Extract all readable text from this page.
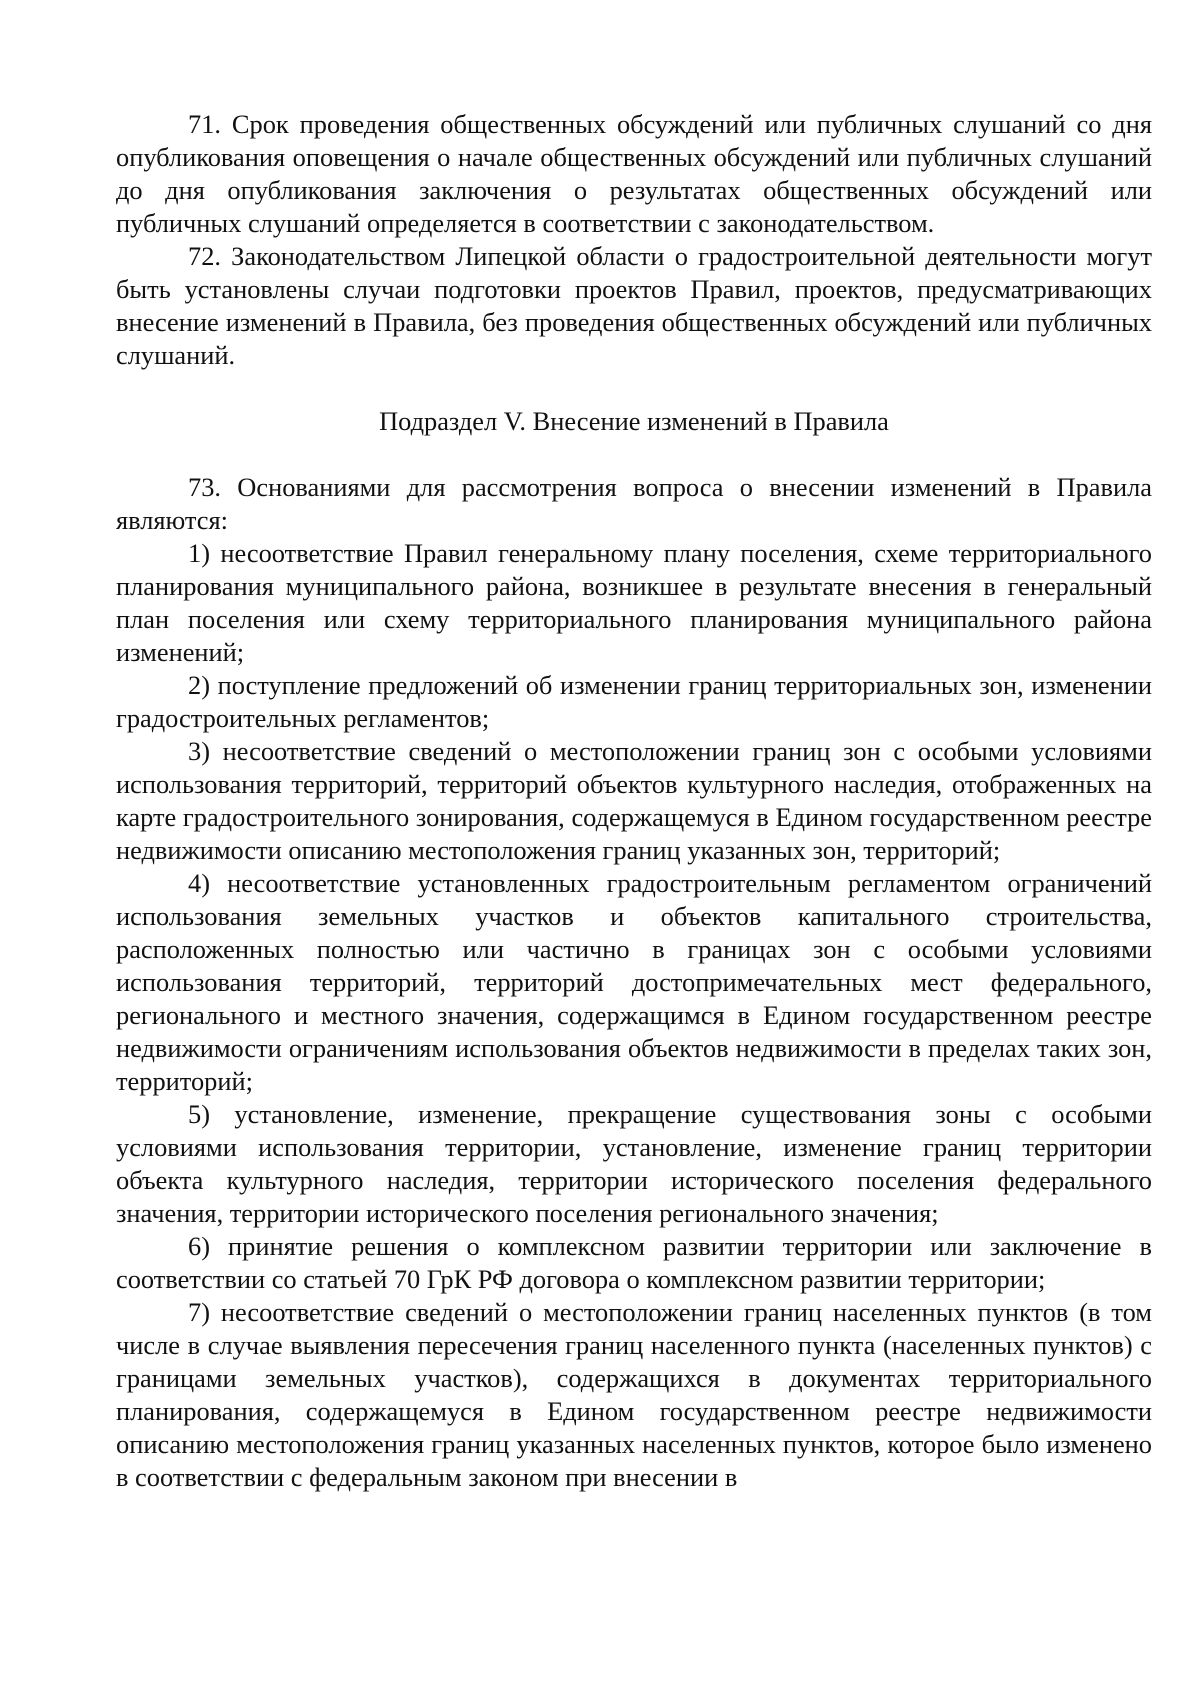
71. Срок проведения общественных обсуждений или публичных слушаний со дня опубликования оповещения о начале общественных обсуждений или публичных слушаний до дня опубликования заключения о результатах общественных обсуждений или публичных слушаний определяется в соответствии с законодательством.

72. Законодательством Липецкой области о градостроительной деятельности могут быть установлены случаи подготовки проектов Правил, проектов, предусматривающих внесение изменений в Правила, без проведения общественных обсуждений или публичных слушаний.

Подраздел V. Внесение изменений в Правила

73. Основаниями для рассмотрения вопроса о внесении изменений в Правила являются:

1) несоответствие Правил генеральному плану поселения, схеме территориального планирования муниципального района, возникшее в результате внесения в генеральный план поселения или схему территориального планирования муниципального района изменений;

2) поступление предложений об изменении границ территориальных зон, изменении градостроительных регламентов;

3) несоответствие сведений о местоположении границ зон с особыми условиями использования территорий, территорий объектов культурного наследия, отображенных на карте градостроительного зонирования, содержащемуся в Едином государственном реестре недвижимости описанию местоположения границ указанных зон, территорий;

4) несоответствие установленных градостроительным регламентом ограничений использования земельных участков и объектов капитального строительства, расположенных полностью или частично в границах зон с особыми условиями использования территорий, территорий достопримечательных мест федерального, регионального и местного значения, содержащимся в Едином государственном реестре недвижимости ограничениям использования объектов недвижимости в пределах таких зон, территорий;

5) установление, изменение, прекращение существования зоны с особыми условиями использования территории, установление, изменение границ территории объекта культурного наследия, территории исторического поселения федерального значения, территории исторического поселения регионального значения;

6) принятие решения о комплексном развитии территории или заключение в соответствии со статьей 70 ГрК РФ договора о комплексном развитии территории;

7) несоответствие сведений о местоположении границ населенных пунктов (в том числе в случае выявления пересечения границ населенного пункта (населенных пунктов) с границами земельных участков), содержащихся в документах территориального планирования, содержащемуся в Едином государственном реестре недвижимости описанию местоположения границ указанных населенных пунктов, которое было изменено в соответствии с федеральным законом при внесении в
